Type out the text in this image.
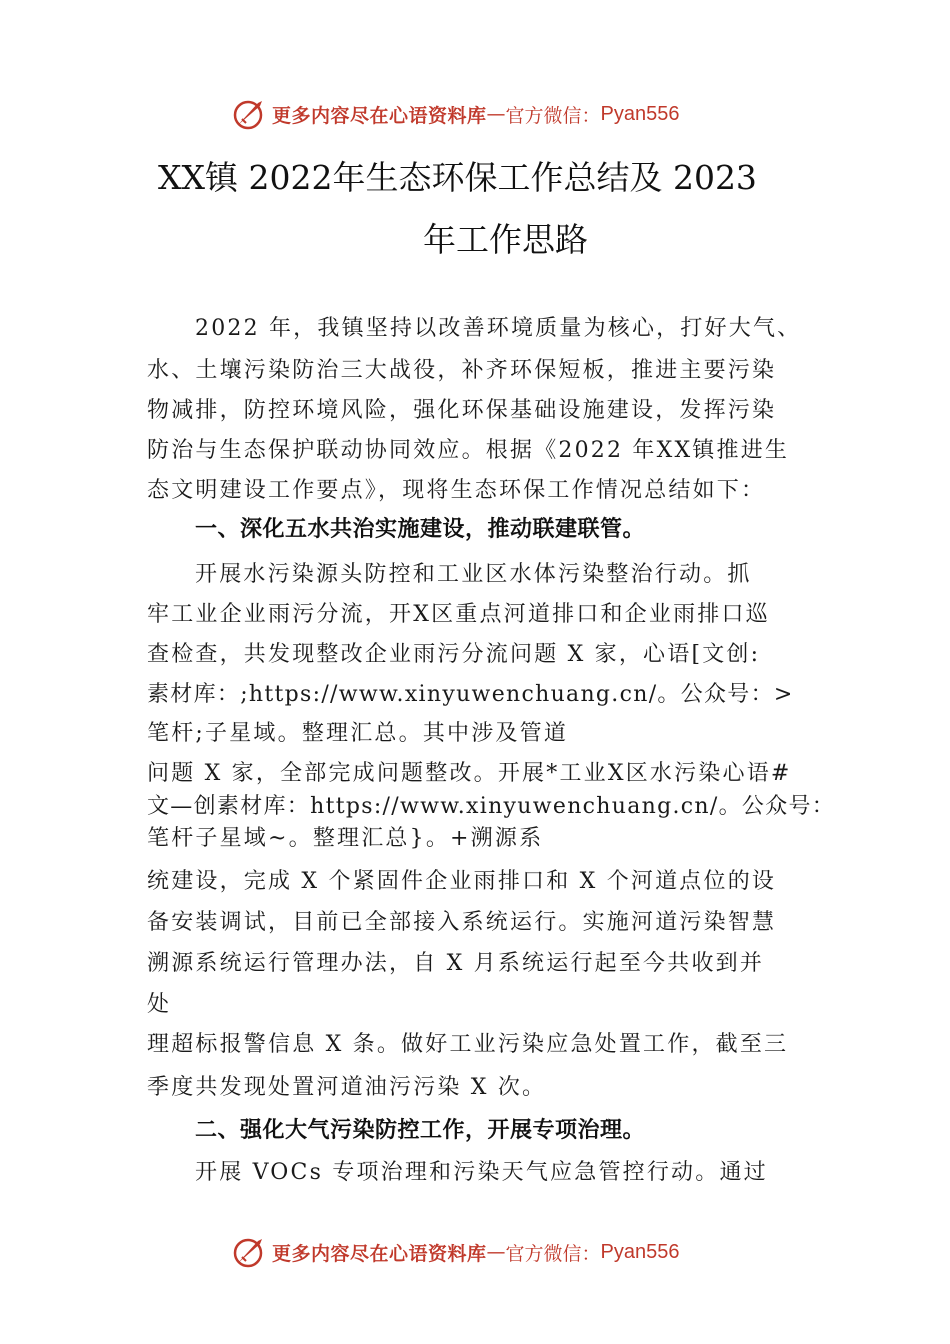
更多内容尽在心语资料库 — 官方微信： Pyan556
XX镇 2022年生态环保工作总结及 2023
年工作思路
2022 年，我镇坚持以改善环境质量为核心，打好大气、
水、土壤污染防治三大战役，补齐环保短板，推进主要污染
物减排，防控环境风险，强化环保基础设施建设，发挥污染
防治与生态保护联动协同效应。根据《2022 年XX镇推进生
态文明建设工作要点》，现将生态环保工作情况总结如下：
一、深化五水共治实施建设，推动联建联管。
开展水污染源头防控和工业区水体污染整治行动。抓
牢工业企业雨污分流，开X区重点河道排口和企业雨排口巡
查检查，共发现整改企业雨污分流问题 X 家，心语[文创:
素材库：;https://www.xinyuwenchuang.cn/。公众号：>
笔杆;子星域。整理汇总。其中涉及管道
问题 X 家，全部完成问题整改。开展*工业X区水污染心语#
文—创素材库：https://www.xinyuwenchuang.cn/。公众号：
笔杆子星域~。整理汇总}。+溯源系
统建设，完成 X 个紧固件企业雨排口和 X 个河道点位的设
备安装调试，目前已全部接入系统运行。实施河道污染智慧
溯源系统运行管理办法，自 X 月系统运行起至今共收到并
处
理超标报警信息 X 条。做好工业污染应急处置工作，截至三
季度共发现处置河道油污污染 X 次。
二、强化大气污染防控工作，开展专项治理。
开展 VOCs 专项治理和污染天气应急管控行动。通过
更多内容尽在心语资料库 — 官方微信： Pyan556
